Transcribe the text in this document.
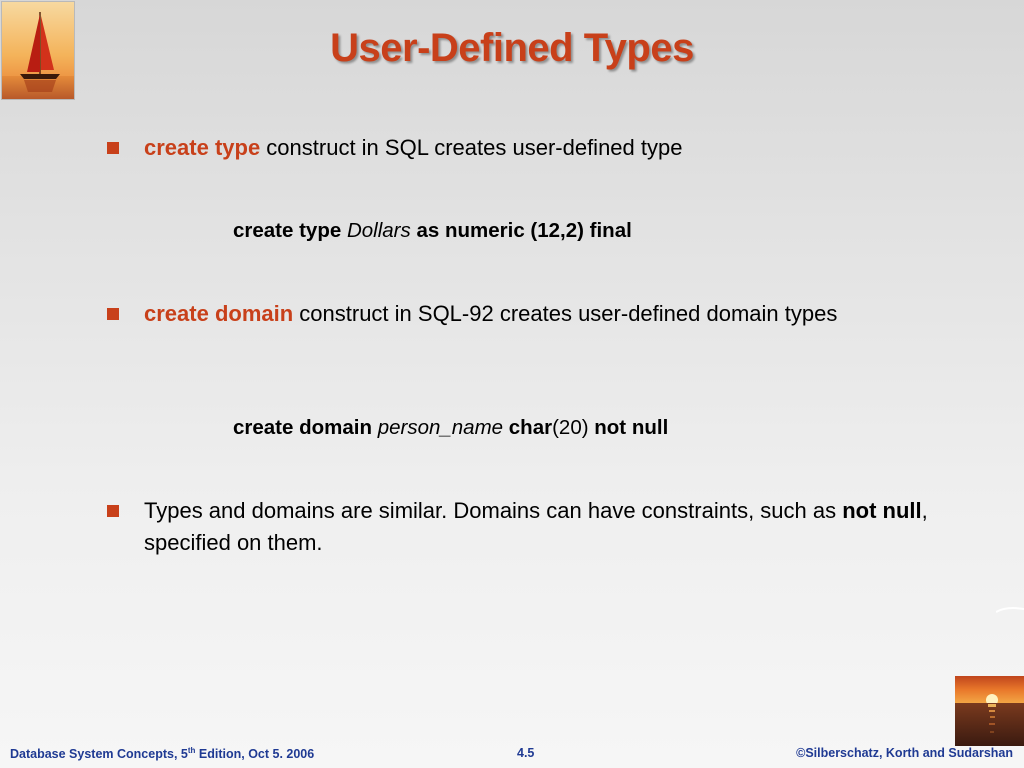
User-Defined Types
create type construct in SQL creates user-defined type
create type Dollars as numeric (12,2) final
create domain construct in SQL-92 creates user-defined domain types
create domain person_name char(20) not null
Types and domains are similar. Domains can have constraints, such as not null, specified on them.
Database System Concepts, 5th Edition, Oct 5. 2006	4.5	©Silberschatz, Korth and Sudarshan
